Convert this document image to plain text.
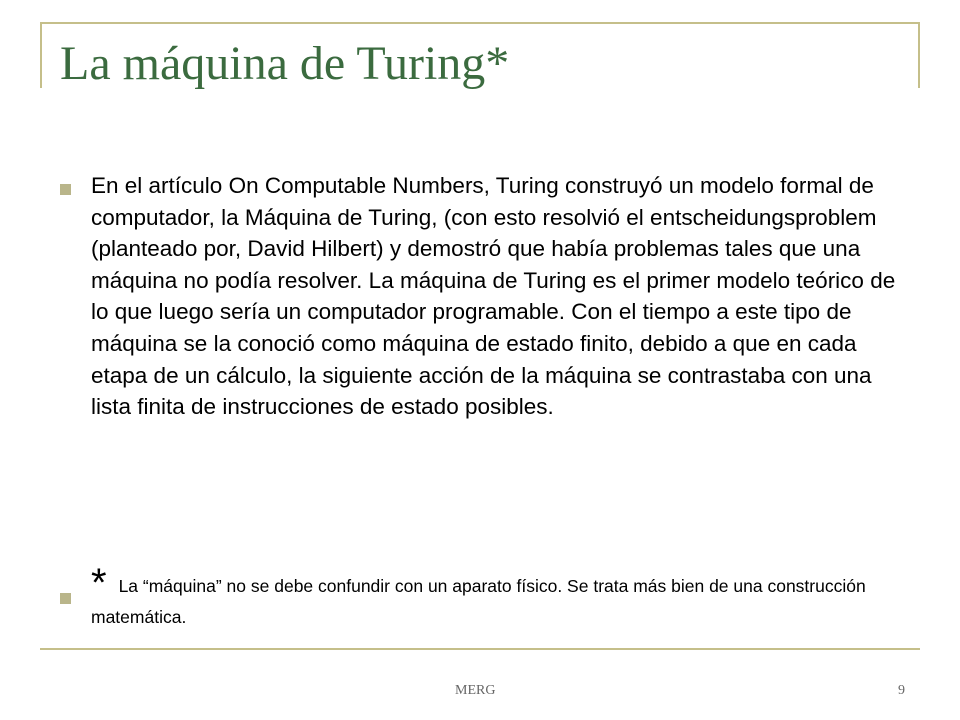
La máquina de Turing*

En el artículo On Computable Numbers, Turing construyó un modelo formal de computador, la Máquina de Turing, (con esto resolvió el entscheidungsproblem (planteado por, David Hilbert) y demostró que había problemas tales que una máquina no podía resolver. La máquina de Turing es el primer modelo teórico de lo que luego sería un computador programable. Con el tiempo a este tipo de máquina se la conoció como máquina de estado finito, debido a que en cada etapa de un cálculo, la siguiente acción de la máquina se contrastaba con una lista finita de instrucciones de estado posibles.

* La “máquina” no se debe confundir con un aparato físico. Se trata más bien de una construcción matemática.

MERG	9
